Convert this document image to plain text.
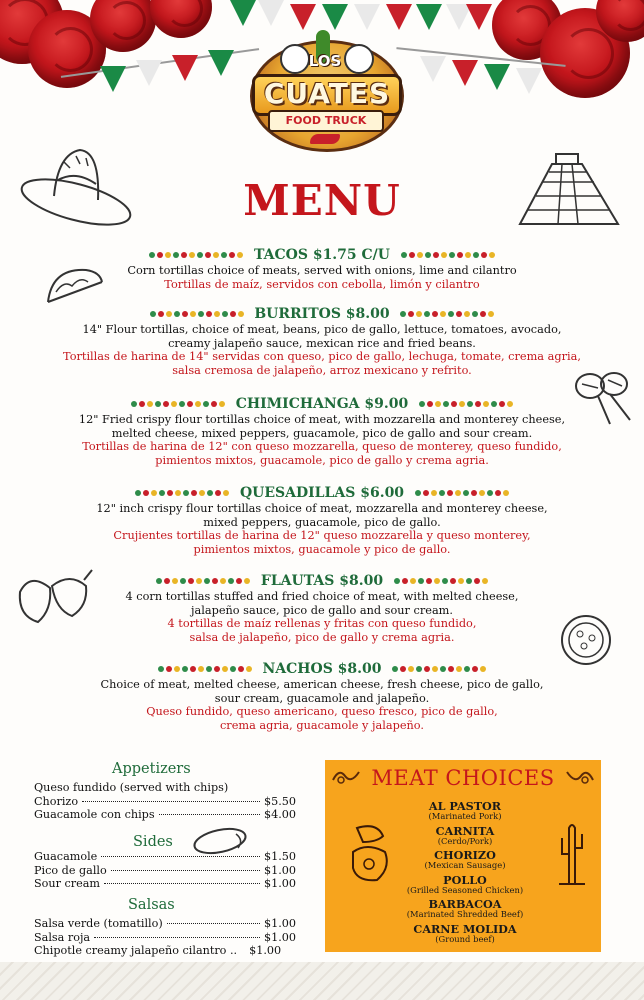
LOS
CUATES
FOOD TRUCK
MENU
TACOS $1.75 C/U
Corn tortillas choice of meats, served with onions, lime and cilantro
Tortillas de maíz, servidos con cebolla, limón y cilantro
BURRITOS $8.00
14" Flour tortillas, choice of meat, beans, pico de gallo, lettuce, tomatoes, avocado,
creamy jalapeño sauce, mexican rice and fried beans.
Tortillas de harina de 14" servidas con queso, pico de gallo, lechuga, tomate, crema agria,
salsa cremosa de jalapeño, arroz mexicano y refrito.
CHIMICHANGA $9.00
12" Fried crispy flour tortillas choice of meat, with mozzarella and monterey cheese,
melted cheese, mixed peppers, guacamole, pico de gallo and sour cream.
Tortillas de harina de 12" con queso mozzarella, queso de monterey, queso fundido,
pimientos mixtos, guacamole, pico de gallo y crema agria.
QUESADILLAS $6.00
12" inch crispy flour tortillas choice of meat, mozzarella and monterey cheese,
mixed peppers, guacamole, pico de gallo.
Crujientes tortillas de harina de 12" queso mozzarella y queso monterey,
pimientos mixtos, guacamole y pico de gallo.
FLAUTAS $8.00
4 corn tortillas stuffed and fried choice of meat, with melted cheese,
jalapeño sauce, pico de gallo and sour cream.
4 tortillas de maíz rellenas y fritas con queso fundido,
salsa de jalapeño, pico de gallo y crema agria.
NACHOS $8.00
Choice of meat, melted cheese, american cheese, fresh cheese, pico de gallo,
sour cream, guacamole and jalapeño.
Queso fundido, queso americano, queso fresco, pico de gallo,
crema agria, guacamole y jalapeño.
Appetizers
Queso fundido (served with chips)
Chorizo	$5.50
Guacamole con chips	$4.00
Sides
Guacamole	$1.50
Pico de gallo	$1.00
Sour cream	$1.00
Salsas
Salsa verde (tomatillo)	$1.00
Salsa roja	$1.00
Chipotle creamy jalapeño cilantro .. $1.00
MEAT CHOICES
AL PASTOR
(Marinated Pork)
CARNITA
(Cerdo/Pork)
CHORIZO
(Mexican Sausage)
POLLO
(Grilled Seasoned Chicken)
BARBACOA
(Marinated Shredded Beef)
CARNE MOLIDA
(Ground beef)
